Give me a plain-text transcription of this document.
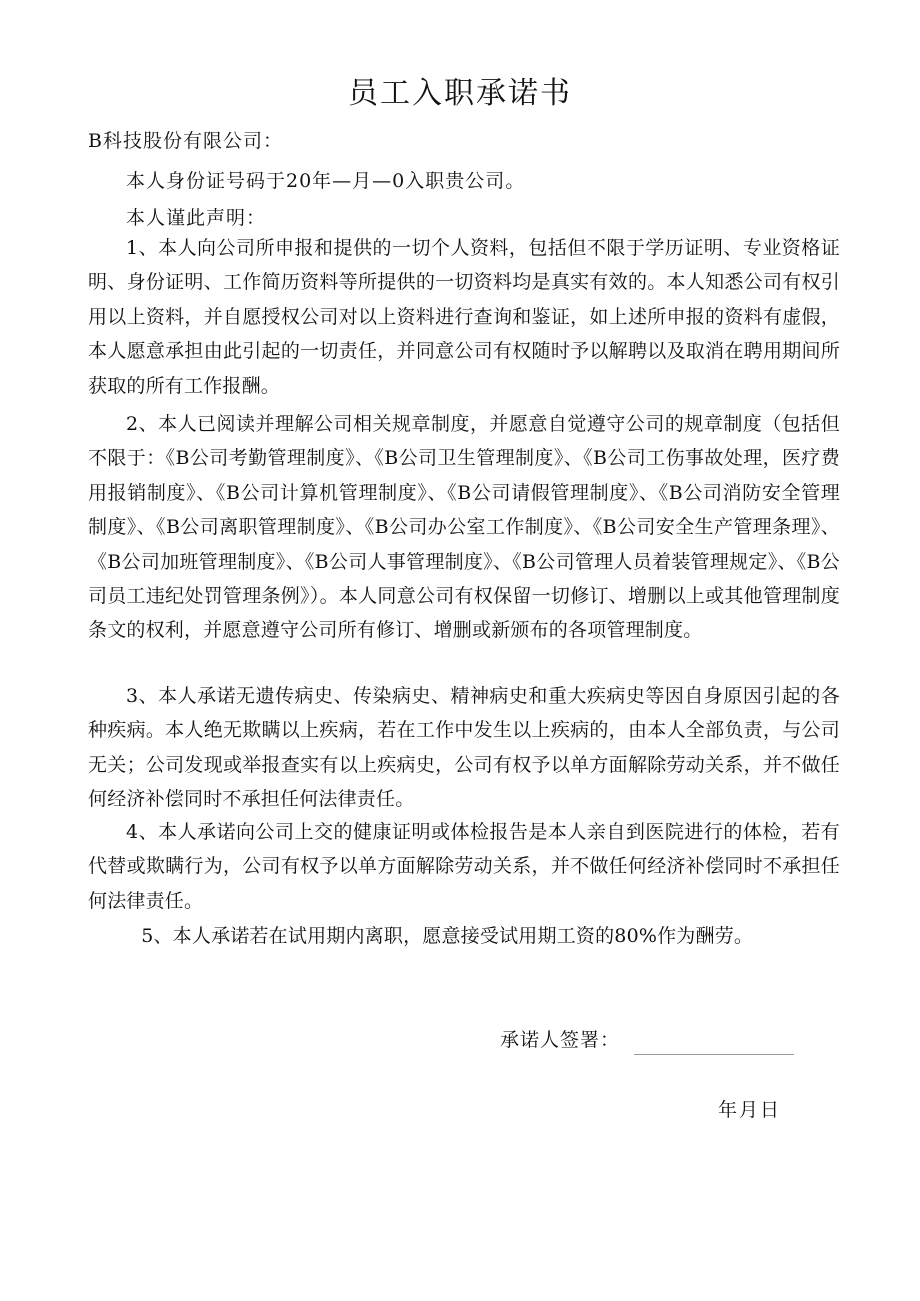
员工入职承诺书
B科技股份有限公司：
本人身份证号码于20年—月—0入职贵公司。
本人谨此声明：
1、本人向公司所申报和提供的一切个人资料，包括但不限于学历证明、专业资格证明、身份证明、工作简历资料等所提供的一切资料均是真实有效的。本人知悉公司有权引用以上资料，并自愿授权公司对以上资料进行查询和鉴证，如上述所申报的资料有虚假，本人愿意承担由此引起的一切责任，并同意公司有权随时予以解聘以及取消在聘用期间所获取的所有工作报酬。
2、本人已阅读并理解公司相关规章制度，并愿意自觉遵守公司的规章制度（包括但不限于：《B公司考勤管理制度》、《B公司卫生管理制度》、《B公司工伤事故处理，医疗费用报销制度》、《B公司计算机管理制度》、《B公司请假管理制度》、《B公司消防安全管理制度》、《B公司离职管理制度》、《B公司办公室工作制度》、《B公司安全生产管理条理》、《B公司加班管理制度》、《B公司人事管理制度》、《B公司管理人员着装管理规定》、《B公司员工违纪处罚管理条例》）。本人同意公司有权保留一切修订、增删以上或其他管理制度条文的权利，并愿意遵守公司所有修订、增删或新颁布的各项管理制度。
3、本人承诺无遗传病史、传染病史、精神病史和重大疾病史等因自身原因引起的各种疾病。本人绝无欺瞒以上疾病，若在工作中发生以上疾病的，由本人全部负责，与公司无关；公司发现或举报查实有以上疾病史，公司有权予以单方面解除劳动关系，并不做任何经济补偿同时不承担任何法律责任。
4、本人承诺向公司上交的健康证明或体检报告是本人亲自到医院进行的体检，若有代替或欺瞒行为，公司有权予以单方面解除劳动关系，并不做任何经济补偿同时不承担任何法律责任。
5、本人承诺若在试用期内离职，愿意接受试用期工资的80%作为酬劳。
承诺人签署：
年月日
